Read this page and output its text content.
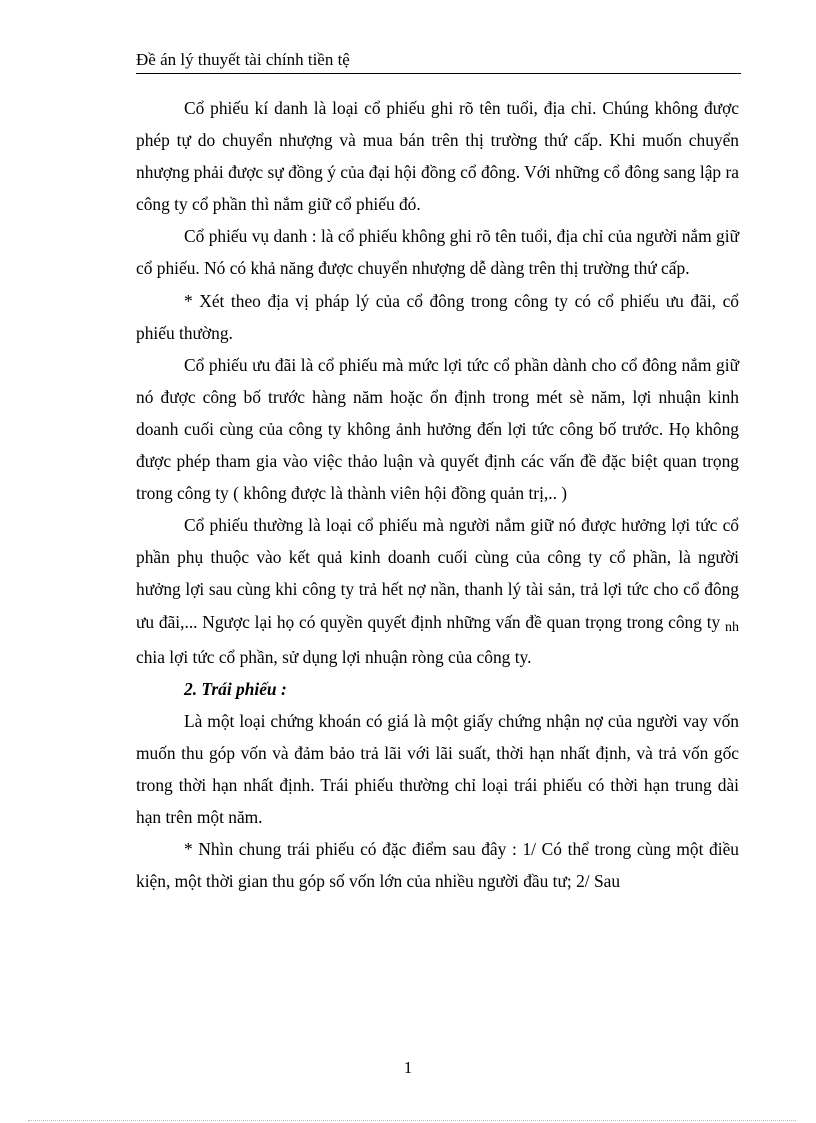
Đề án lý thuyết tài chính tiền tệ

Cổ phiếu kí danh là loại cổ phiếu ghi rõ tên tuổi, địa chỉ. Chúng không được phép tự do chuyển nhượng và mua bán trên thị trường thứ cấp. Khi muốn chuyển nhượng phải được sự đồng ý của đại hội đồng cổ đông. Với những cổ đông sang lập ra công ty cổ phần thì nắm giữ cổ phiếu đó.

Cổ phiếu vụ danh : là cổ phiếu không ghi rõ tên tuổi, địa chỉ của người nắm giữ cổ phiếu. Nó có khả năng được chuyển nhượng dễ dàng trên thị trường thứ cấp.

* Xét theo địa vị pháp lý của cổ đông trong công ty có cổ phiếu ưu đãi, cổ phiếu thường.

Cổ phiếu ưu đãi là cổ phiếu mà mức lợi tức cổ phần dành cho cổ đông nắm giữ nó được công bố trước hàng năm hoặc ổn định trong mét sè năm, lợi nhuận kinh doanh cuối cùng của công ty không ảnh hưởng đến lợi tức công bố trước. Họ không được phép tham gia vào việc thảo luận và quyết định các vấn đề đặc biệt quan trọng trong công ty ( không được là thành viên hội đồng quản trị,.. )

Cổ phiếu thường là loại cổ phiếu mà người nắm giữ nó được hưởng lợi tức cổ phần phụ thuộc vào kết quả kinh doanh cuối cùng của công ty cổ phần, là người hưởng lợi sau cùng khi công ty trả hết nợ nần, thanh lý tài sản, trả lợi tức cho cổ đông ưu đãi,... Ngược lại họ có quyền quyết định những vấn đề quan trọng trong công ty nh chia lợi tức cổ phần, sử dụng lợi nhuận ròng của công ty.

2. Trái phiếu :

Là một loại chứng khoán có giá là một giấy chứng nhận nợ của người vay vốn muốn thu góp vốn và đảm bảo trả lãi với lãi suất, thời hạn nhất định, và trả vốn gốc trong thời hạn nhất định. Trái phiếu thường chỉ loại trái phiếu có thời hạn trung dài hạn trên một năm.

* Nhìn chung trái phiếu có đặc điểm sau đây : 1/ Có thể trong cùng một điều kiện, một thời gian thu góp số vốn lớn của nhiều người đầu tư; 2/ Sau

1
